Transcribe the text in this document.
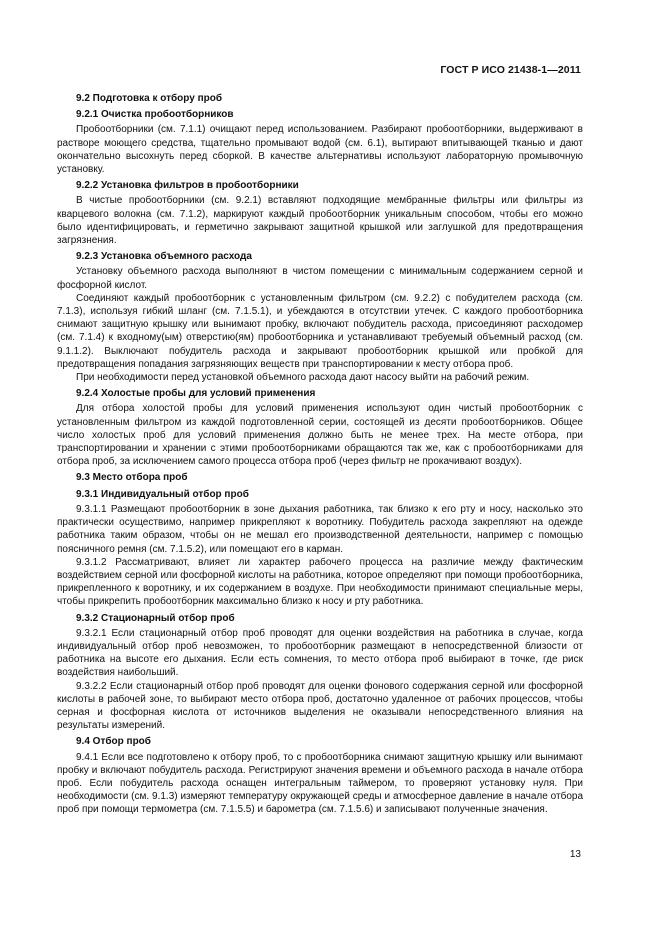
ГОСТ Р ИСО 21438-1—2011
9.2 Подготовка к отбору проб
9.2.1 Очистка пробоотборников

Пробоотборники (см. 7.1.1) очищают перед использованием. Разбирают пробоотборники, выдерживают в растворе моющего средства, тщательно промывают водой (см. 6.1), вытирают впитывающей тканью и дают окончательно высохнуть перед сборкой. В качестве альтернативы используют лабораторную промывочную установку.

9.2.2 Установка фильтров в пробоотборники

В чистые пробоотборники (см. 9.2.1) вставляют подходящие мембранные фильтры или фильтры из кварцевого волокна (см. 7.1.2), маркируют каждый пробоотборник уникальным способом, чтобы его можно было идентифицировать, и герметично закрывают защитной крышкой или заглушкой для предотвращения загрязнения.

9.2.3 Установка объемного расхода

Установку объемного расхода выполняют в чистом помещении с минимальным содержанием серной и фосфорной кислот.

Соединяют каждый пробоотборник с установленным фильтром (см. 9.2.2) с побудителем расхода (см. 7.1.3), используя гибкий шланг (см. 7.1.5.1), и убеждаются в отсутствии утечек. С каждого пробоотборника снимают защитную крышку или вынимают пробку, включают побудитель расхода, присоединяют расходомер (см. 7.1.4) к входному(ым) отверстию(ям) пробоотборника и устанавливают требуемый объемный расход (см. 9.1.1.2). Выключают побудитель расхода и закрывают пробоотборник крышкой или пробкой для предотвращения попадания загрязняющих веществ при транспортировании к месту отбора проб.

При необходимости перед установкой объемного расхода дают насосу выйти на рабочий режим.

9.2.4 Холостые пробы для условий применения

Для отбора холостой пробы для условий применения используют один чистый пробоотборник с установленным фильтром из каждой подготовленной серии, состоящей из десяти пробоотборников. Общее число холостых проб для условий применения должно быть не менее трех. На месте отбора, при транспортировании и хранении с этими пробоотборниками обращаются так же, как с пробоотборниками для отбора проб, за исключением самого процесса отбора проб (через фильтр не прокачивают воздух).

9.3 Место отбора проб
9.3.1 Индивидуальный отбор проб

9.3.1.1 Размещают пробоотборник в зоне дыхания работника, так близко к его рту и носу, насколько это практически осуществимо, например прикрепляют к воротнику. Побудитель расхода закрепляют на одежде работника таким образом, чтобы он не мешал его производственной деятельности, например с помощью поясничного ремня (см. 7.1.5.2), или помещают его в карман.

9.3.1.2 Рассматривают, влияет ли характер рабочего процесса на различие между фактическим воздействием серной или фосфорной кислоты на работника, которое определяют при помощи пробоотборника, прикрепленного к воротнику, и их содержанием в воздухе. При необходимости принимают специальные меры, чтобы прикрепить пробоотборник максимально близко к носу и рту работника.

9.3.2 Стационарный отбор проб

9.3.2.1 Если стационарный отбор проб проводят для оценки воздействия на работника в случае, когда индивидуальный отбор проб невозможен, то пробоотборник размещают в непосредственной близости от работника на высоте его дыхания. Если есть сомнения, то место отбора проб выбирают в точке, где риск воздействия наибольший.

9.3.2.2 Если стационарный отбор проб проводят для оценки фонового содержания серной или фосфорной кислоты в рабочей зоне, то выбирают место отбора проб, достаточно удаленное от рабочих процессов, чтобы серная и фосфорная кислота от источников выделения не оказывали непосредственного влияния на результаты измерений.

9.4 Отбор проб

9.4.1 Если все подготовлено к отбору проб, то с пробоотборника снимают защитную крышку или вынимают пробку и включают побудитель расхода. Регистрируют значения времени и объемного расхода в начале отбора проб. Если побудитель расхода оснащен интегральным таймером, то проверяют установку нуля. При необходимости (см. 9.1.3) измеряют температуру окружающей среды и атмосферное давление в начале отбора проб при помощи термометра (см. 7.1.5.5) и барометра (см. 7.1.5.6) и записывают полученные значения.

13
